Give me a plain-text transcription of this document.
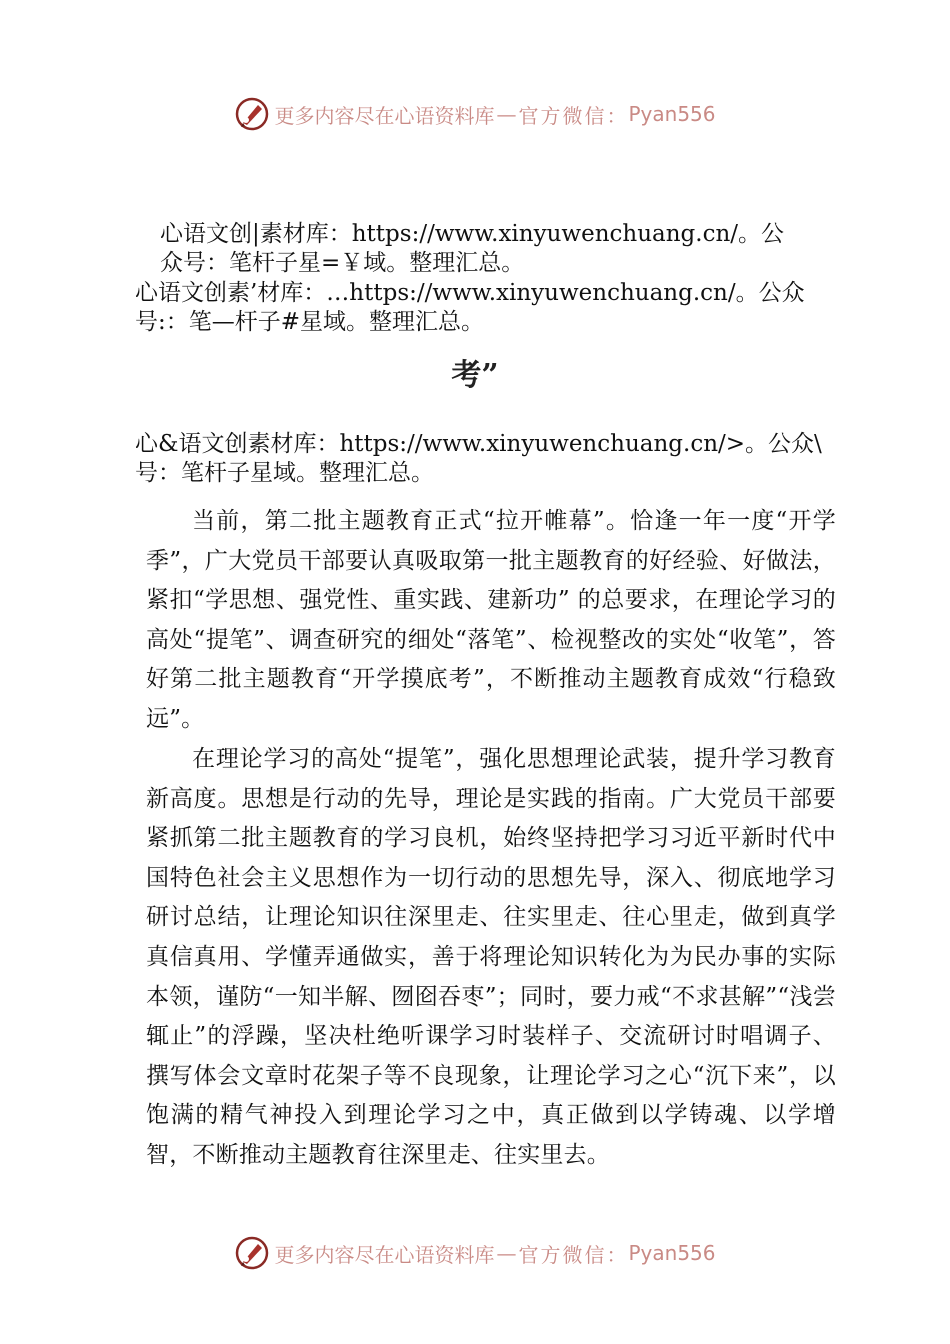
更多内容尽在心语资料库 — 官方微信： Pyan556
心语文创|素材库：https://www.xinyuwenchuang.cn/。公
众号：笔杆子星=￥域。整理汇总。
心语文创素’材库：…https://www.xinyuwenchuang.cn/。公众
号:：笔—杆子#星域。整理汇总。
考”
心&语文创素材库：https://www.xinyuwenchuang.cn/>。公众\
号：笔杆子星域。整理汇总。

当前，第二批主题教育正式“拉开帷幕”。恰逢一年一度“开学季”，广大党员干部要认真吸取第一批主题教育的好经验、好做法，紧扣“学思想、强党性、重实践、建新功” 的总要求，在理论学习的高处“提笔”、调查研究的细处“落笔”、检视整改的实处“收笔”，答好第二批主题教育“开学摸底考”，不断推动主题教育成效“行稳致远”。

在理论学习的高处“提笔”，强化思想理论武装，提升学习教育新高度。思想是行动的先导，理论是实践的指南。广大党员干部要紧抓第二批主题教育的学习良机，始终坚持把学习习近平新时代中国特色社会主义思想作为一切行动的思想先导，深入、彻底地学习研讨总结，让理论知识往深里走、往实里走、往心里走，做到真学真信真用、学懂弄通做实，善于将理论知识转化为为民办事的实际本领，谨防“一知半解、囫囵吞枣”；同时，要力戒“不求甚解”“浅尝辄止”的浮躁，坚决杜绝听课学习时装样子、交流研讨时唱调子、 撰写体会文章时花架子等不良现象，让理论学习之心“沉下来”，以饱满的精气神投入到理论学习之中，真正做到以学铸魂、以学增智，不断推动主题教育往深里走、往实里去。

更多内容尽在心语资料库 — 官方微信： Pyan556
